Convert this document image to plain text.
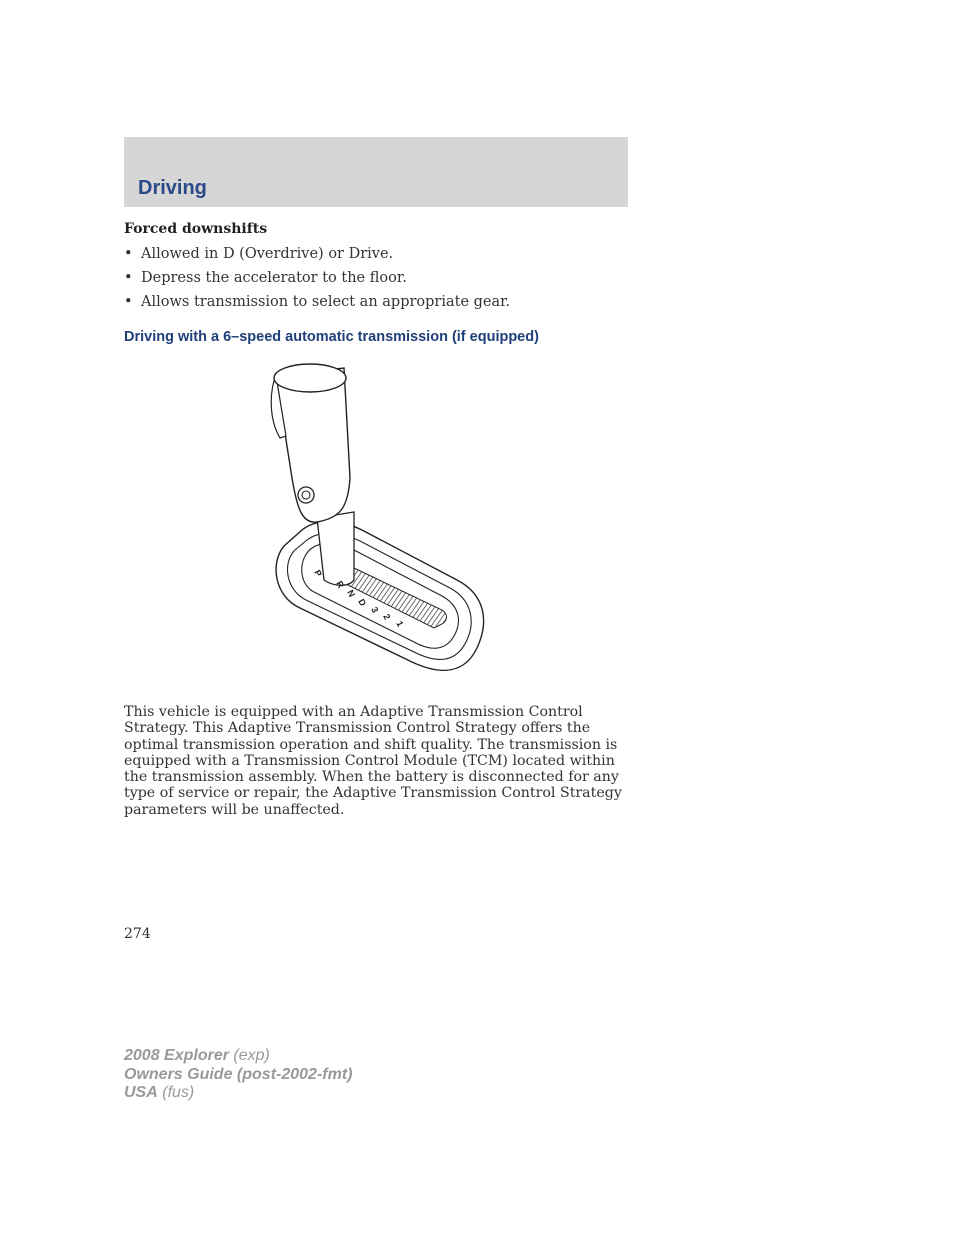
Driving
Forced downshifts
• Allowed in D (Overdrive) or Drive.
• Depress the accelerator to the floor.
• Allows transmission to select an appropriate gear.
Driving with a 6–speed automatic transmission (if equipped)
P
R
N
D
3
2
1

This vehicle is equipped with an Adaptive Transmission Control Strategy. This Adaptive Transmission Control Strategy offers the optimal transmission operation and shift quality. The transmission is equipped with a Transmission Control Module (TCM) located within the transmission assembly. When the battery is disconnected for any type of service or repair, the Adaptive Transmission Control Strategy parameters will be unaffected.

274
2008 Explorer (exp)
Owners Guide (post-2002-fmt)
USA (fus)
